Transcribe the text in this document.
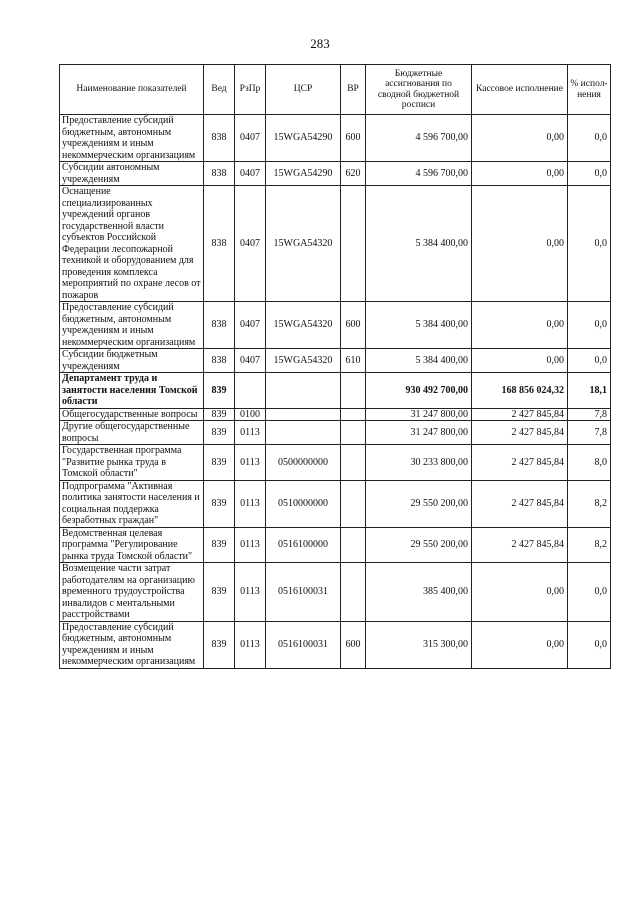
283
Наименование показателей	Вед	РзПр	ЦСР	ВР	Бюджетные ассигнования по сводной бюджетной росписи	Кассовое исполнение	% испол-нения
Предоставление субсидий бюджетным, автономным учреждениям и иным некоммерческим организациям	838	0407	15WGA54290	600	4 596 700,00	0,00	0,0
Субсидии автономным учреждениям	838	0407	15WGA54290	620	4 596 700,00	0,00	0,0
Оснащение специализированных учреждений органов государственной власти субъектов Российской Федерации лесопожарной техникой и оборудованием для проведения комплекса мероприятий по охране лесов от пожаров	838	0407	15WGA54320		5 384 400,00	0,00	0,0
Предоставление субсидий бюджетным, автономным учреждениям и иным некоммерческим организациям	838	0407	15WGA54320	600	5 384 400,00	0,00	0,0
Субсидии бюджетным учреждениям	838	0407	15WGA54320	610	5 384 400,00	0,00	0,0
Департамент труда и занятости населения Томской области	839				930 492 700,00	168 856 024,32	18,1
Общегосударственные вопросы	839	0100			31 247 800,00	2 427 845,84	7,8
Другие общегосударственные вопросы	839	0113			31 247 800,00	2 427 845,84	7,8
Государственная программа "Развитие рынка труда в Томской области"	839	0113	0500000000		30 233 800,00	2 427 845,84	8,0
Подпрограмма "Активная политика занятости населения и социальная поддержка безработных граждан"	839	0113	0510000000		29 550 200,00	2 427 845,84	8,2
Ведомственная целевая программа "Регулирование рынка труда Томской области"	839	0113	0516100000		29 550 200,00	2 427 845,84	8,2
Возмещение части затрат работодателям на организацию временного трудоустройства инвалидов с ментальными расстройствами	839	0113	0516100031		385 400,00	0,00	0,0
Предоставление субсидий бюджетным, автономным учреждениям и иным некоммерческим организациям	839	0113	0516100031	600	315 300,00	0,00	0,0
